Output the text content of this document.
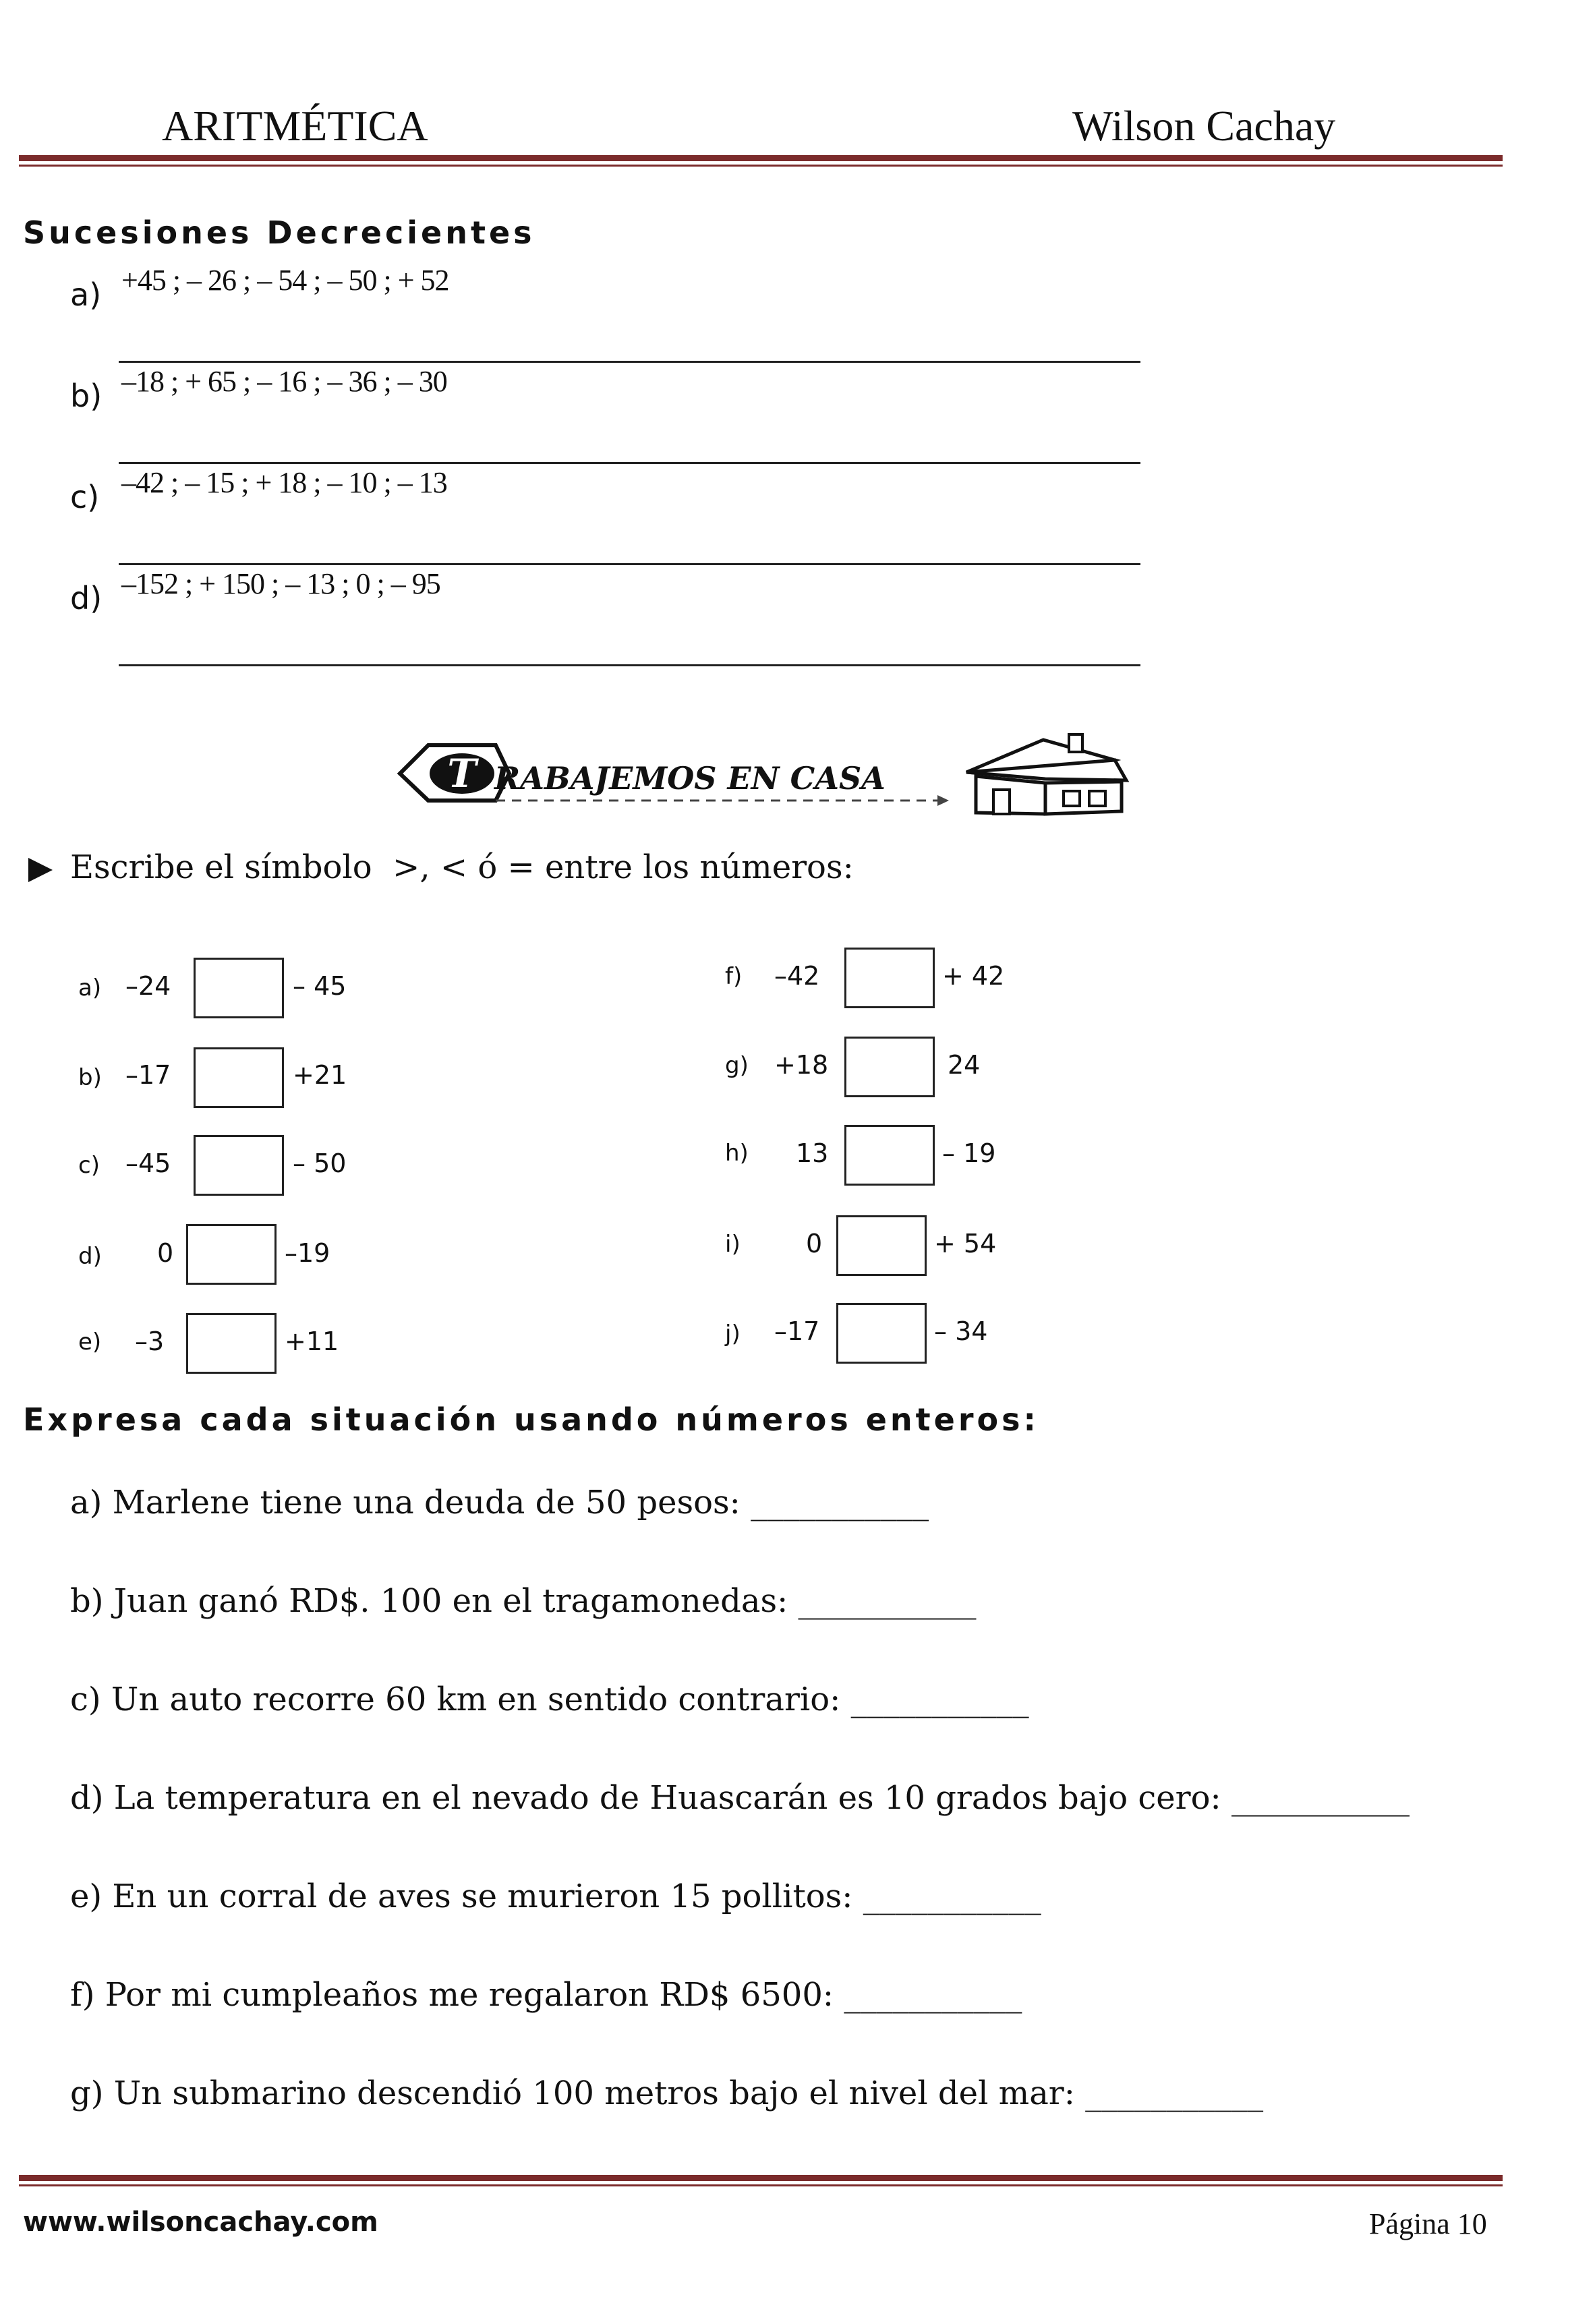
ARITMÉTICA	Wilson Cachay
Sucesiones Decrecientes
a) +45 ; – 26 ; – 54 ; – 50 ; + 52
b) –18 ; + 65 ; – 16 ; – 36 ; – 30
c) –42 ; – 15 ; + 18 ; – 10 ; – 13
d) –152 ; + 150 ; – 13 ; 0 ; – 95
T RABAJEMOS EN CASA
Escribe el símbolo  >, < ó = entre los números:
a) –24	– 45
b) –17	+21
c) –45	– 50
d) 0	–19
e) –3	+11
f) –42	+ 42
g) +18	24
h) 13	– 19
i)	0	+ 54
j) –17	– 34
Expresa cada situación usando números enteros:
a) Marlene tiene una deuda de 50 pesos: ___________
b) Juan ganó RD$. 100 en el tragamonedas: ___________
c) Un auto recorre 60 km en sentido contrario: ___________
d) La temperatura en el nevado de Huascarán es 10 grados bajo cero: ___________
e) En un corral de aves se murieron 15 pollitos: ___________
f) Por mi cumpleaños me regalaron RD$ 6500: ___________
g) Un submarino descendió 100 metros bajo el nivel del mar: ___________
www.wilsoncachay.com	Página 10
